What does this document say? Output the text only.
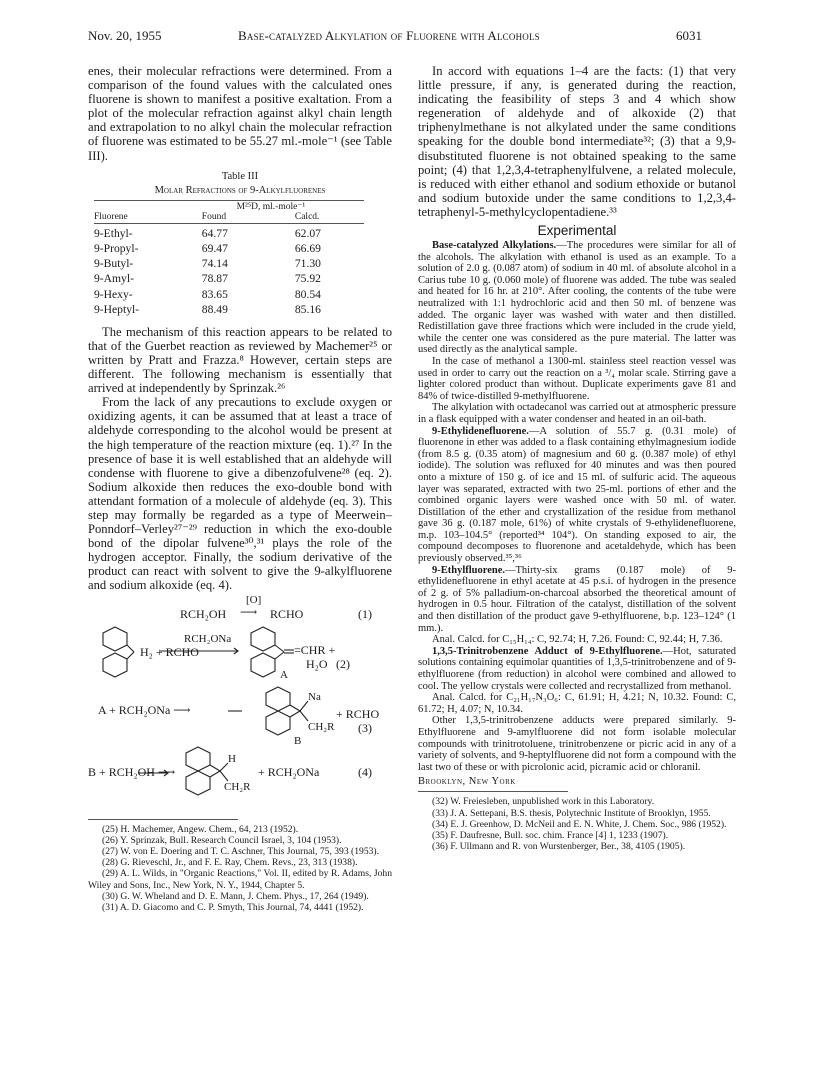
Nov. 20, 1955	Base-catalyzed Alkylation of Fluorene with Alcohols	6031

enes, their molecular refractions were determined. From a comparison of the found values with the calculated ones fluorene is shown to manifest a positive exaltation. From a plot of the molecular refraction against alkyl chain length and extrapolation to no alkyl chain the molecular refraction of fluorene was estimated to be 55.27 ml.-mole⁻¹ (see Table III).

Table III
Molar Refractions of 9-Alkylfluorenes
	M²⁵D, ml.-mole⁻¹	
Fluorene	Found	Calcd.
9-Ethyl-	64.77	62.07
9-Propyl-	69.47	66.69
9-Butyl-	74.14	71.30
9-Amyl-	78.87	75.92
9-Hexy-	83.65	80.54
9-Heptyl-	88.49	85.16

The mechanism of this reaction appears to be related to that of the Guerbet reaction as reviewed by Machemer²⁵ or written by Pratt and Frazza.⁸ However, certain steps are different. The following mechanism is essentially that arrived at independently by Sprinzak.²⁶

From the lack of any precautions to exclude oxygen or oxidizing agents, it can be assumed that at least a trace of aldehyde corresponding to the alcohol would be present at the high temperature of the reaction mixture (eq. 1).²⁷ In the presence of base it is well established that an aldehyde will condense with fluorene to give a dibenzofulvene²⁸ (eq. 2). Sodium alkoxide then reduces the exo-double bond with attendant formation of a molecule of aldehyde (eq. 3). This step may formally be regarded as a type of Meerwein–Ponndorf–Verley²⁷⁻²⁹ reduction in which the exo-double bond of the dipolar fulvene³⁰,³¹ plays the role of the hydrogen acceptor. Finally, the sodium derivative of the product can react with solvent to give the 9-alkylfluorene and sodium alkoxide (eq. 4).

RCH₂OH
[O]
⟶ RCHO	(1)
H₂ + RCHO
RCH₂ONa
=CHR +
H₂O (2)
A
A + RCH₂ONa ⟶
Na
CH₂R
+ RCHO
(3)
B
B + RCH₂OH ⟶
H
CH₂R
+ RCH₂ONa	(4)

(25) H. Machemer, Angew. Chem., 64, 213 (1952).

(26) Y. Sprinzak, Bull. Research Council Israel, 3, 104 (1953).

(27) W. von E. Doering and T. C. Aschner, This Journal, 75, 393 (1953).

(28) G. Rieveschl, Jr., and F. E. Ray, Chem. Revs., 23, 313 (1938).

(29) A. L. Wilds, in "Organic Reactions," Vol. II, edited by R. Adams, John Wiley and Sons, Inc., New York, N. Y., 1944, Chapter 5.

(30) G. W. Wheland and D. E. Mann, J. Chem. Phys., 17, 264 (1949).

(31) A. D. Giacomo and C. P. Smyth, This Journal, 74, 4441 (1952).

In accord with equations 1–4 are the facts: (1) that very little pressure, if any, is generated during the reaction, indicating the feasibility of steps 3 and 4 which show regeneration of aldehyde and of alkoxide (2) that triphenylmethane is not alkylated under the same conditions speaking for the double bond intermediate³²; (3) that a 9,9-disubstituted fluorene is not obtained speaking to the same point; (4) that 1,2,3,4-tetraphenylfulvene, a related molecule, is reduced with either ethanol and sodium ethoxide or butanol and sodium butoxide under the same conditions to 1,2,3,4-tetraphenyl-5-methylcyclopentadiene.³³

Experimental

Base-catalyzed Alkylations.—The procedures were similar for all of the alcohols. The alkylation with ethanol is used as an example. To a solution of 2.0 g. (0.087 atom) of sodium in 40 ml. of absolute alcohol in a Carius tube 10 g. (0.060 mole) of fluorene was added. The tube was sealed and heated for 16 hr. at 210°. After cooling, the contents of the tube were neutralized with 1:1 hydrochloric acid and then 50 ml. of benzene was added. The organic layer was washed with water and then distilled. Redistillation gave three fractions which were included in the crude yield, while the center one was considered as the pure material. The latter was used directly as the analytical sample.

In the case of methanol a 1300-ml. stainless steel reaction vessel was used in order to carry out the reaction on a ³/₄ molar scale. Stirring gave a lighter colored product than without. Duplicate experiments gave 81 and 84% of twice-distilled 9-methylfluorene.

The alkylation with octadecanol was carried out at atmospheric pressure in a flask equipped with a water condenser and heated in an oil-bath.

9-Ethylidenefluorene.—A solution of 55.7 g. (0.31 mole) of fluorenone in ether was added to a flask containing ethylmagnesium iodide (from 8.5 g. (0.35 atom) of magnesium and 60 g. (0.387 mole) of ethyl iodide). The solution was refluxed for 40 minutes and was then poured onto a mixture of 150 g. of ice and 15 ml. of sulfuric acid. The aqueous layer was separated, extracted with two 25-ml. portions of ether and the combined organic layers were washed once with 50 ml. of water. Distillation of the ether and crystallization of the residue from methanol gave 36 g. (0.187 mole, 61%) of white crystals of 9-ethylidenefluorene, m.p. 103–104.5° (reported³⁴ 104°). On standing exposed to air, the compound decomposes to fluorenone and acetaldehyde, which has been previously observed.³⁵,³⁶

9-Ethylfluorene.—Thirty-six grams (0.187 mole) of 9-ethylidenefluorene in ethyl acetate at 45 p.s.i. of hydrogen in the presence of 2 g. of 5% palladium-on-charcoal absorbed the theoretical amount of hydrogen in 0.5 hour. Filtration of the catalyst, distillation of the solvent and then distillation of the product gave 9-ethylfluorene, b.p. 123–124° (1 mm.).

Anal. Calcd. for C₁₅H₁₄: C, 92.74; H, 7.26. Found: C, 92.44; H, 7.36.

1,3,5-Trinitrobenzene Adduct of 9-Ethylfluorene.—Hot, saturated solutions containing equimolar quantities of 1,3,5-trinitrobenzene and of 9-ethylfluorene (from reduction) in alcohol were combined and allowed to cool. The yellow crystals were collected and recrystallized from methanol.

Anal. Calcd. for C₂₁H₁₇N₃O₆: C, 61.91; H, 4.21; N, 10.32. Found: C, 61.72; H, 4.07; N, 10.34.

Other 1,3,5-trinitrobenzene adducts were prepared similarly. 9-Ethylfluorene and 9-amylfluorene did not form isolable molecular compounds with trinitrotoluene, trinitrobenzene or picric acid in any of a variety of solvents, and 9-heptylfluorene did not form a compound with the last two of these or with picrolonic acid, picramic acid or chloranil.

Brooklyn, New York

(32) W. Freiesleben, unpublished work in this Laboratory.

(33) J. A. Settepani, B.S. thesis, Polytechnic Institute of Brooklyn, 1955.

(34) E. J. Greenhow, D. McNeil and E. N. White, J. Chem. Soc., 986 (1952).

(35) F. Daufresne, Bull. soc. chim. France [4] 1, 1233 (1907).

(36) F. Ullmann and R. von Wurstenberger, Ber., 38, 4105 (1905).
